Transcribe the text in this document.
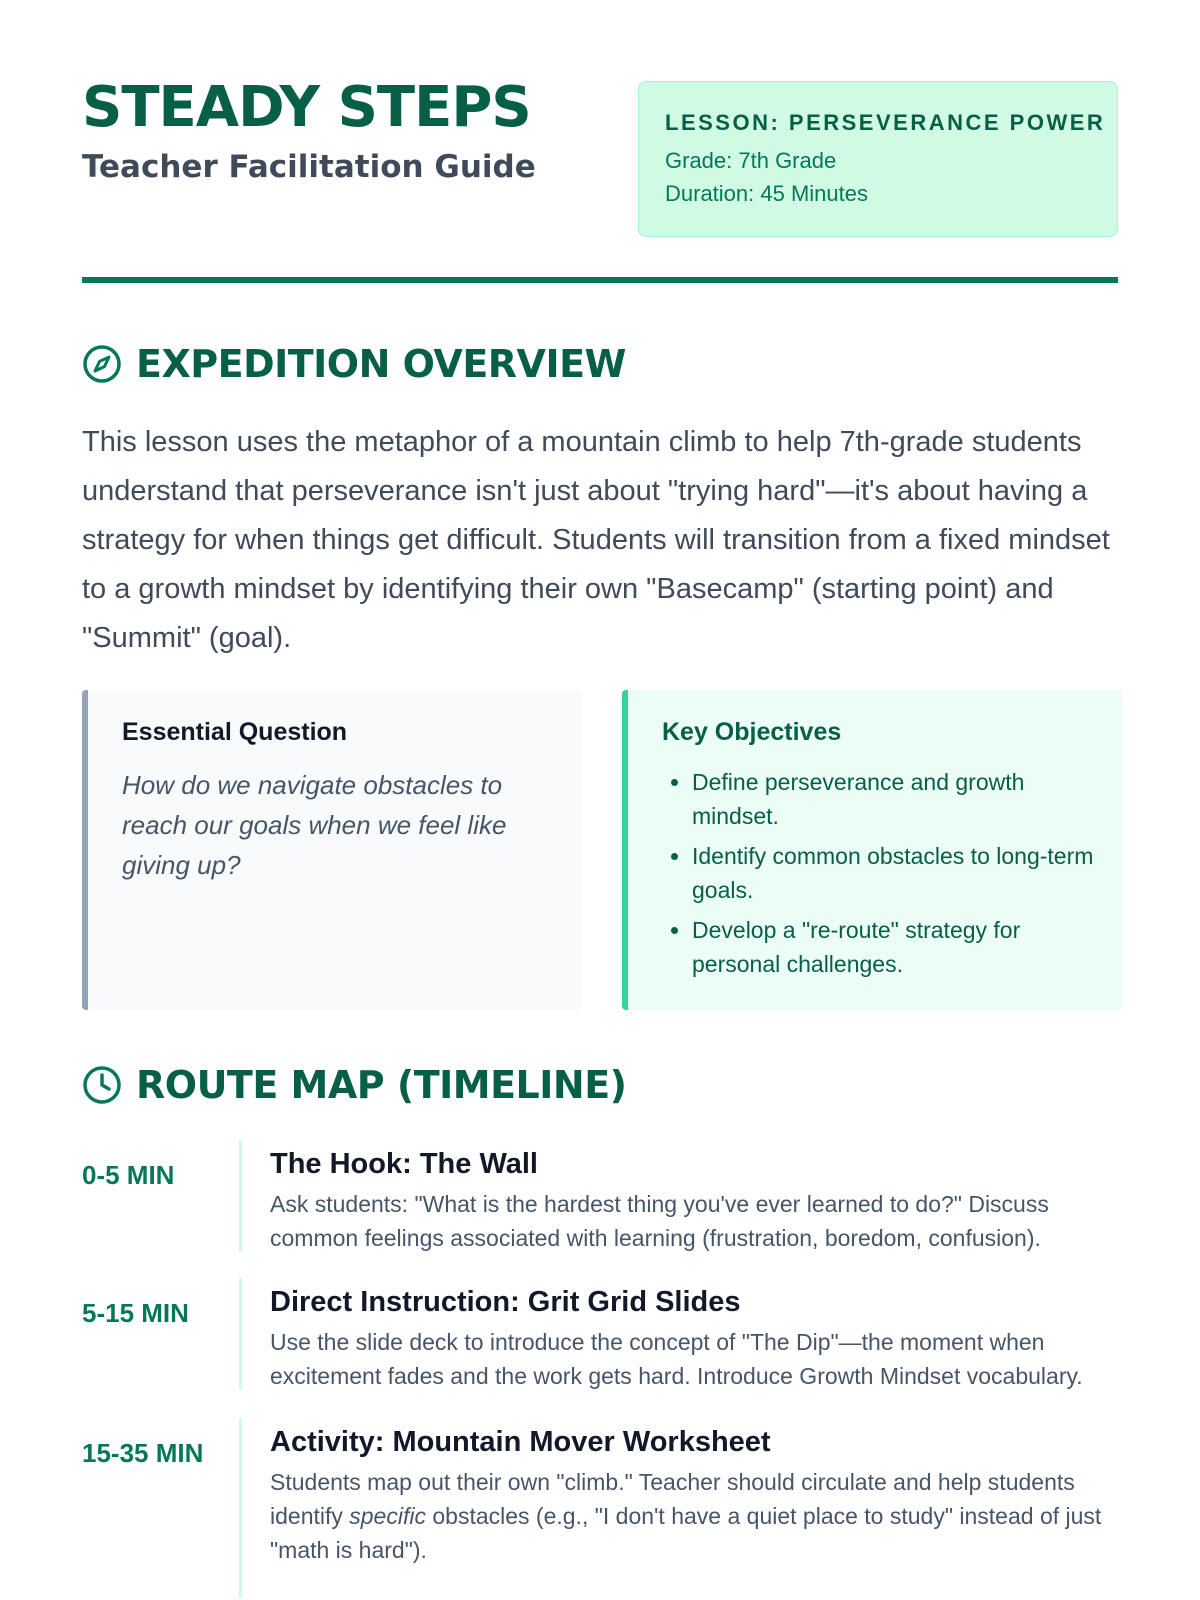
STEADY STEPS
Teacher Facilitation Guide
LESSON: PERSEVERANCE POWER
Grade: 7th Grade
Duration: 45 Minutes
EXPEDITION OVERVIEW

This lesson uses the metaphor of a mountain climb to help 7th-grade students understand that perseverance isn't just about "trying hard"—it's about having a strategy for when things get difficult. Students will transition from a fixed mindset to a growth mindset by identifying their own "Basecamp" (starting point) and "Summit" (goal).

Essential Question

How do we navigate obstacles to reach our goals when we feel like giving up?

Key Objectives
• Define perseverance and growth mindset.
• Identify common obstacles to long-term goals.
• Develop a "re-route" strategy for personal challenges.
ROUTE MAP (TIMELINE)
0-5 MIN	The Hook: The Wall

Ask students: "What is the hardest thing you've ever learned to do?" Discuss common feelings associated with learning (frustration, boredom, confusion).

5-15 MIN	Direct Instruction: Grit Grid Slides

Use the slide deck to introduce the concept of "The Dip"—the moment when excitement fades and the work gets hard. Introduce Growth Mindset vocabulary.

15-35 MIN	Activity: Mountain Mover Worksheet

Students map out their own "climb." Teacher should circulate and help students identify specific obstacles (e.g., "I don't have a quiet place to study" instead of just "math is hard").
